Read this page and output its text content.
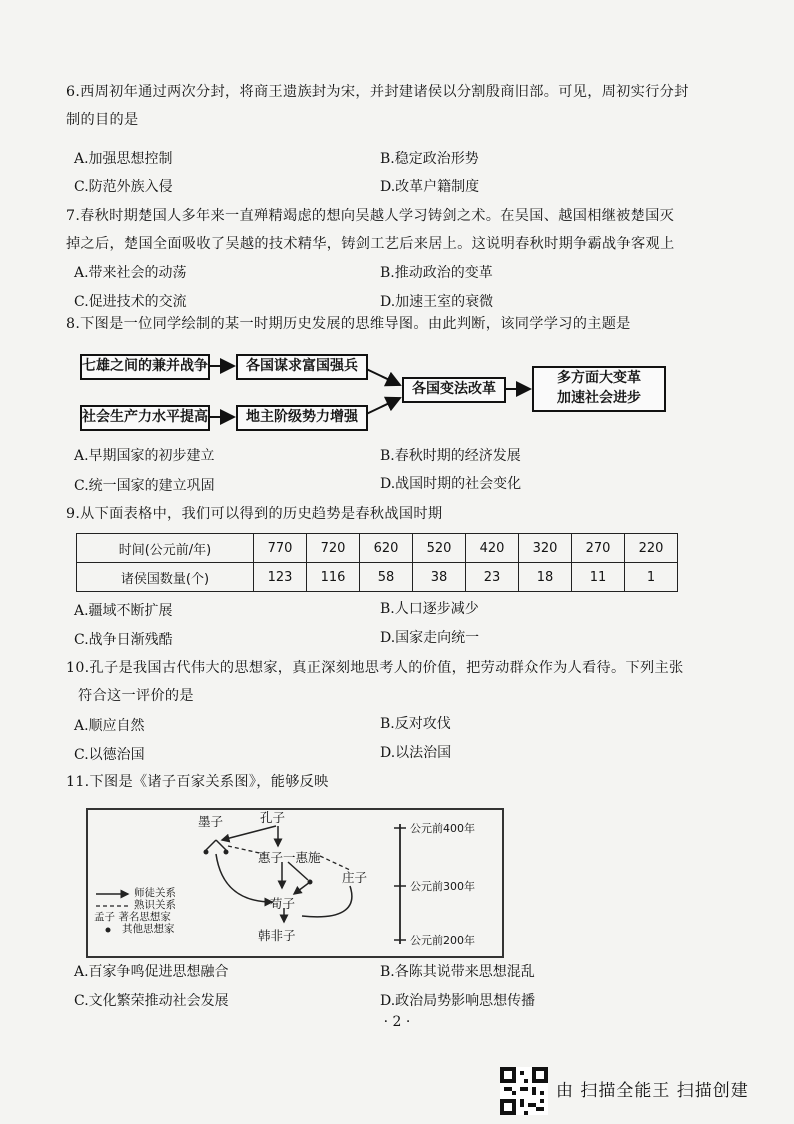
6.西周初年通过两次分封，将商王遗族封为宋，并封建诸侯以分割殷商旧部。可见，周初实行分封
制的目的是
A.加强思想控制	B.稳定政治形势
C.防范外族入侵	D.改革户籍制度
7.春秋时期楚国人多年来一直殚精竭虑的想向吴越人学习铸剑之术。在吴国、越国相继被楚国灭
掉之后，楚国全面吸收了吴越的技术精华，铸剑工艺后来居上。这说明春秋时期争霸战争客观上
A.带来社会的动荡	B.推动政治的变革
C.促进技术的交流	D.加速王室的衰微
8.下图是一位同学绘制的某一时期历史发展的思维导图。由此判断，该同学学习的主题是
七雄之间的兼并战争	各国谋求富国强兵
社会生产力水平提高	地主阶级势力增强
各国变法改革
多方面大变革
加速社会进步
A.早期国家的初步建立	B.春秋时期的经济发展
C.统一国家的建立巩固	D.战国时期的社会变化
9.从下面表格中，我们可以得到的历史趋势是春秋战国时期
时间(公元前/年)	770	720	620	520	420	320	270	220
诸侯国数量(个)	123	116	58	38	23	18	11	1
A.疆域不断扩展	B.人口逐步减少
C.战争日渐残酷	D.国家走向统一
10.孔子是我国古代伟大的思想家，真正深刻地思考人的价值，把劳动群众作为人看待。下列主张
符合这一评价的是
A.顺应自然	B.反对攻伐
C.以德治国	D.以法治国
11.下图是《诸子百家关系图》，能够反映
墨子	孔子
惠子一惠施
庄子
荀子
韩非子
公元前400年
公元前300年
公元前200年
师徒关系
熟识关系
孟子 著名思想家
其他思想家
A.百家争鸣促进思想融合	B.各陈其说带来思想混乱
C.文化繁荣推动社会发展	D.政治局势影响思想传播
· 2 ·
由 扫描全能王 扫描创建
